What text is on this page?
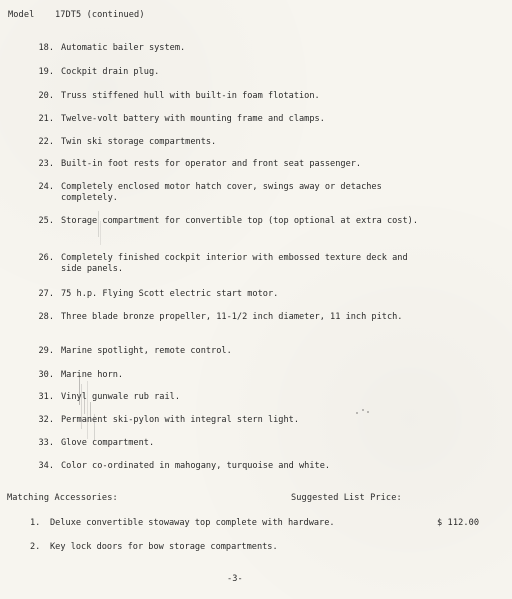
Model 17DT5 (continued)
18. Automatic bailer system.
19. Cockpit drain plug.
20. Truss stiffened hull with built-in foam flotation.
21. Twelve-volt battery with mounting frame and clamps.
22. Twin ski storage compartments.
23. Built-in foot rests for operator and front seat passenger.
24. Completely enclosed motor hatch cover, swings away or detaches completely.
25. Storage compartment for convertible top (top optional at extra cost).
26. Completely finished cockpit interior with embossed texture deck and side panels.
27. 75 h.p. Flying Scott electric start motor.
28. Three blade bronze propeller, 11-1/2 inch diameter, 11 inch pitch.
29. Marine spotlight, remote control.
30. Marine horn.
31. Vinyl gunwale rub rail.
32. Permanent ski-pylon with integral stern light.
33. Glove compartment.
34. Color co-ordinated in mahogany, turquoise and white.
Matching Accessories:	Suggested List Price:
1. Deluxe convertible stowaway top complete with hardware.	$ 112.00
2. Key lock doors for bow storage compartments.
-3-
